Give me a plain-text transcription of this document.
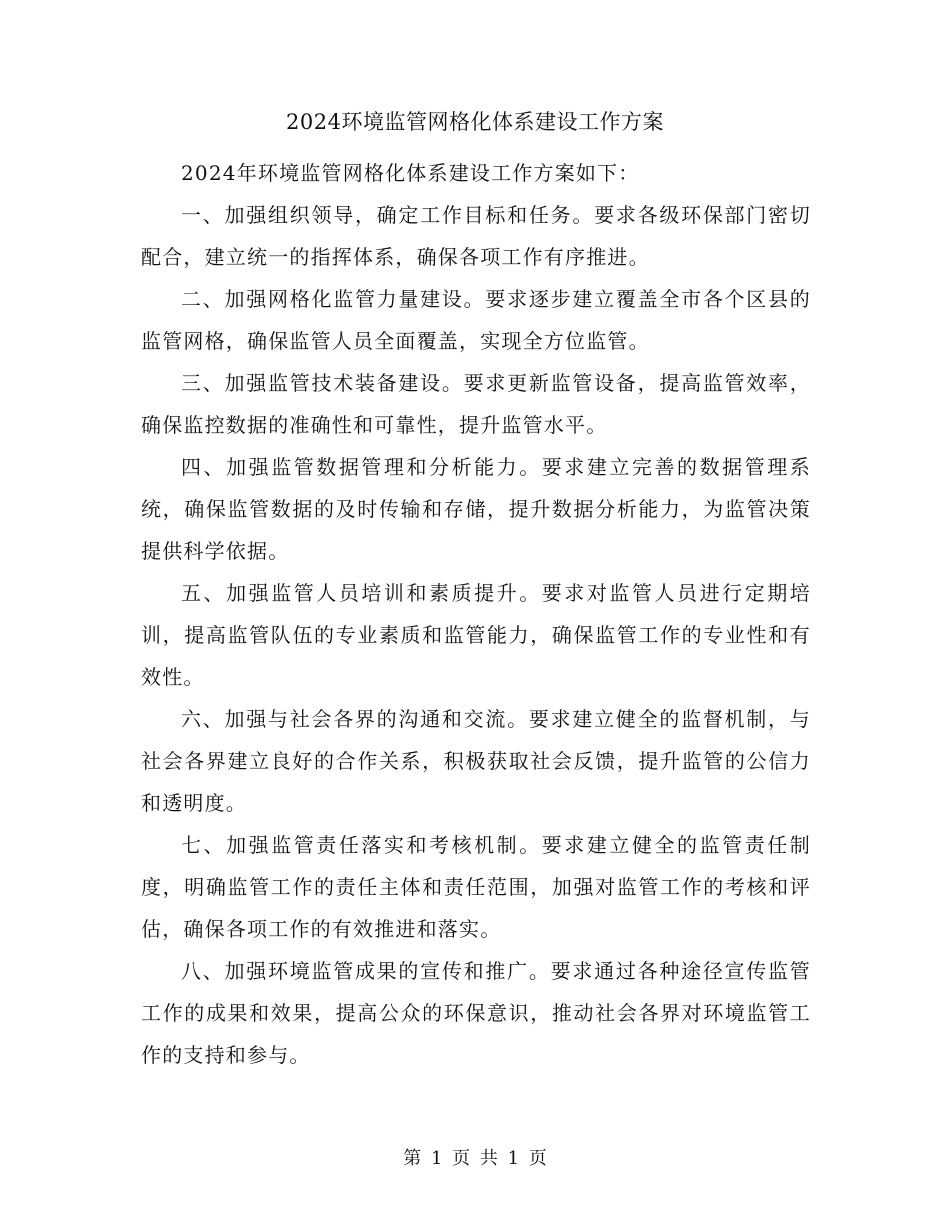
2024环境监管网格化体系建设工作方案

2024年环境监管网格化体系建设工作方案如下：

一、加强组织领导，确定工作目标和任务。要求各级环保部门密切配合，建立统一的指挥体系，确保各项工作有序推进。

二、加强网格化监管力量建设。要求逐步建立覆盖全市各个区县的监管网格，确保监管人员全面覆盖，实现全方位监管。

三、加强监管技术装备建设。要求更新监管设备，提高监管效率，确保监控数据的准确性和可靠性，提升监管水平。

四、加强监管数据管理和分析能力。要求建立完善的数据管理系统，确保监管数据的及时传输和存储，提升数据分析能力，为监管决策提供科学依据。

五、加强监管人员培训和素质提升。要求对监管人员进行定期培训，提高监管队伍的专业素质和监管能力，确保监管工作的专业性和有效性。

六、加强与社会各界的沟通和交流。要求建立健全的监督机制，与社会各界建立良好的合作关系，积极获取社会反馈，提升监管的公信力和透明度。

七、加强监管责任落实和考核机制。要求建立健全的监管责任制度，明确监管工作的责任主体和责任范围，加强对监管工作的考核和评估，确保各项工作的有效推进和落实。

八、加强环境监管成果的宣传和推广。要求通过各种途径宣传监管工作的成果和效果，提高公众的环保意识，推动社会各界对环境监管工作的支持和参与。

第 1 页 共 1 页
